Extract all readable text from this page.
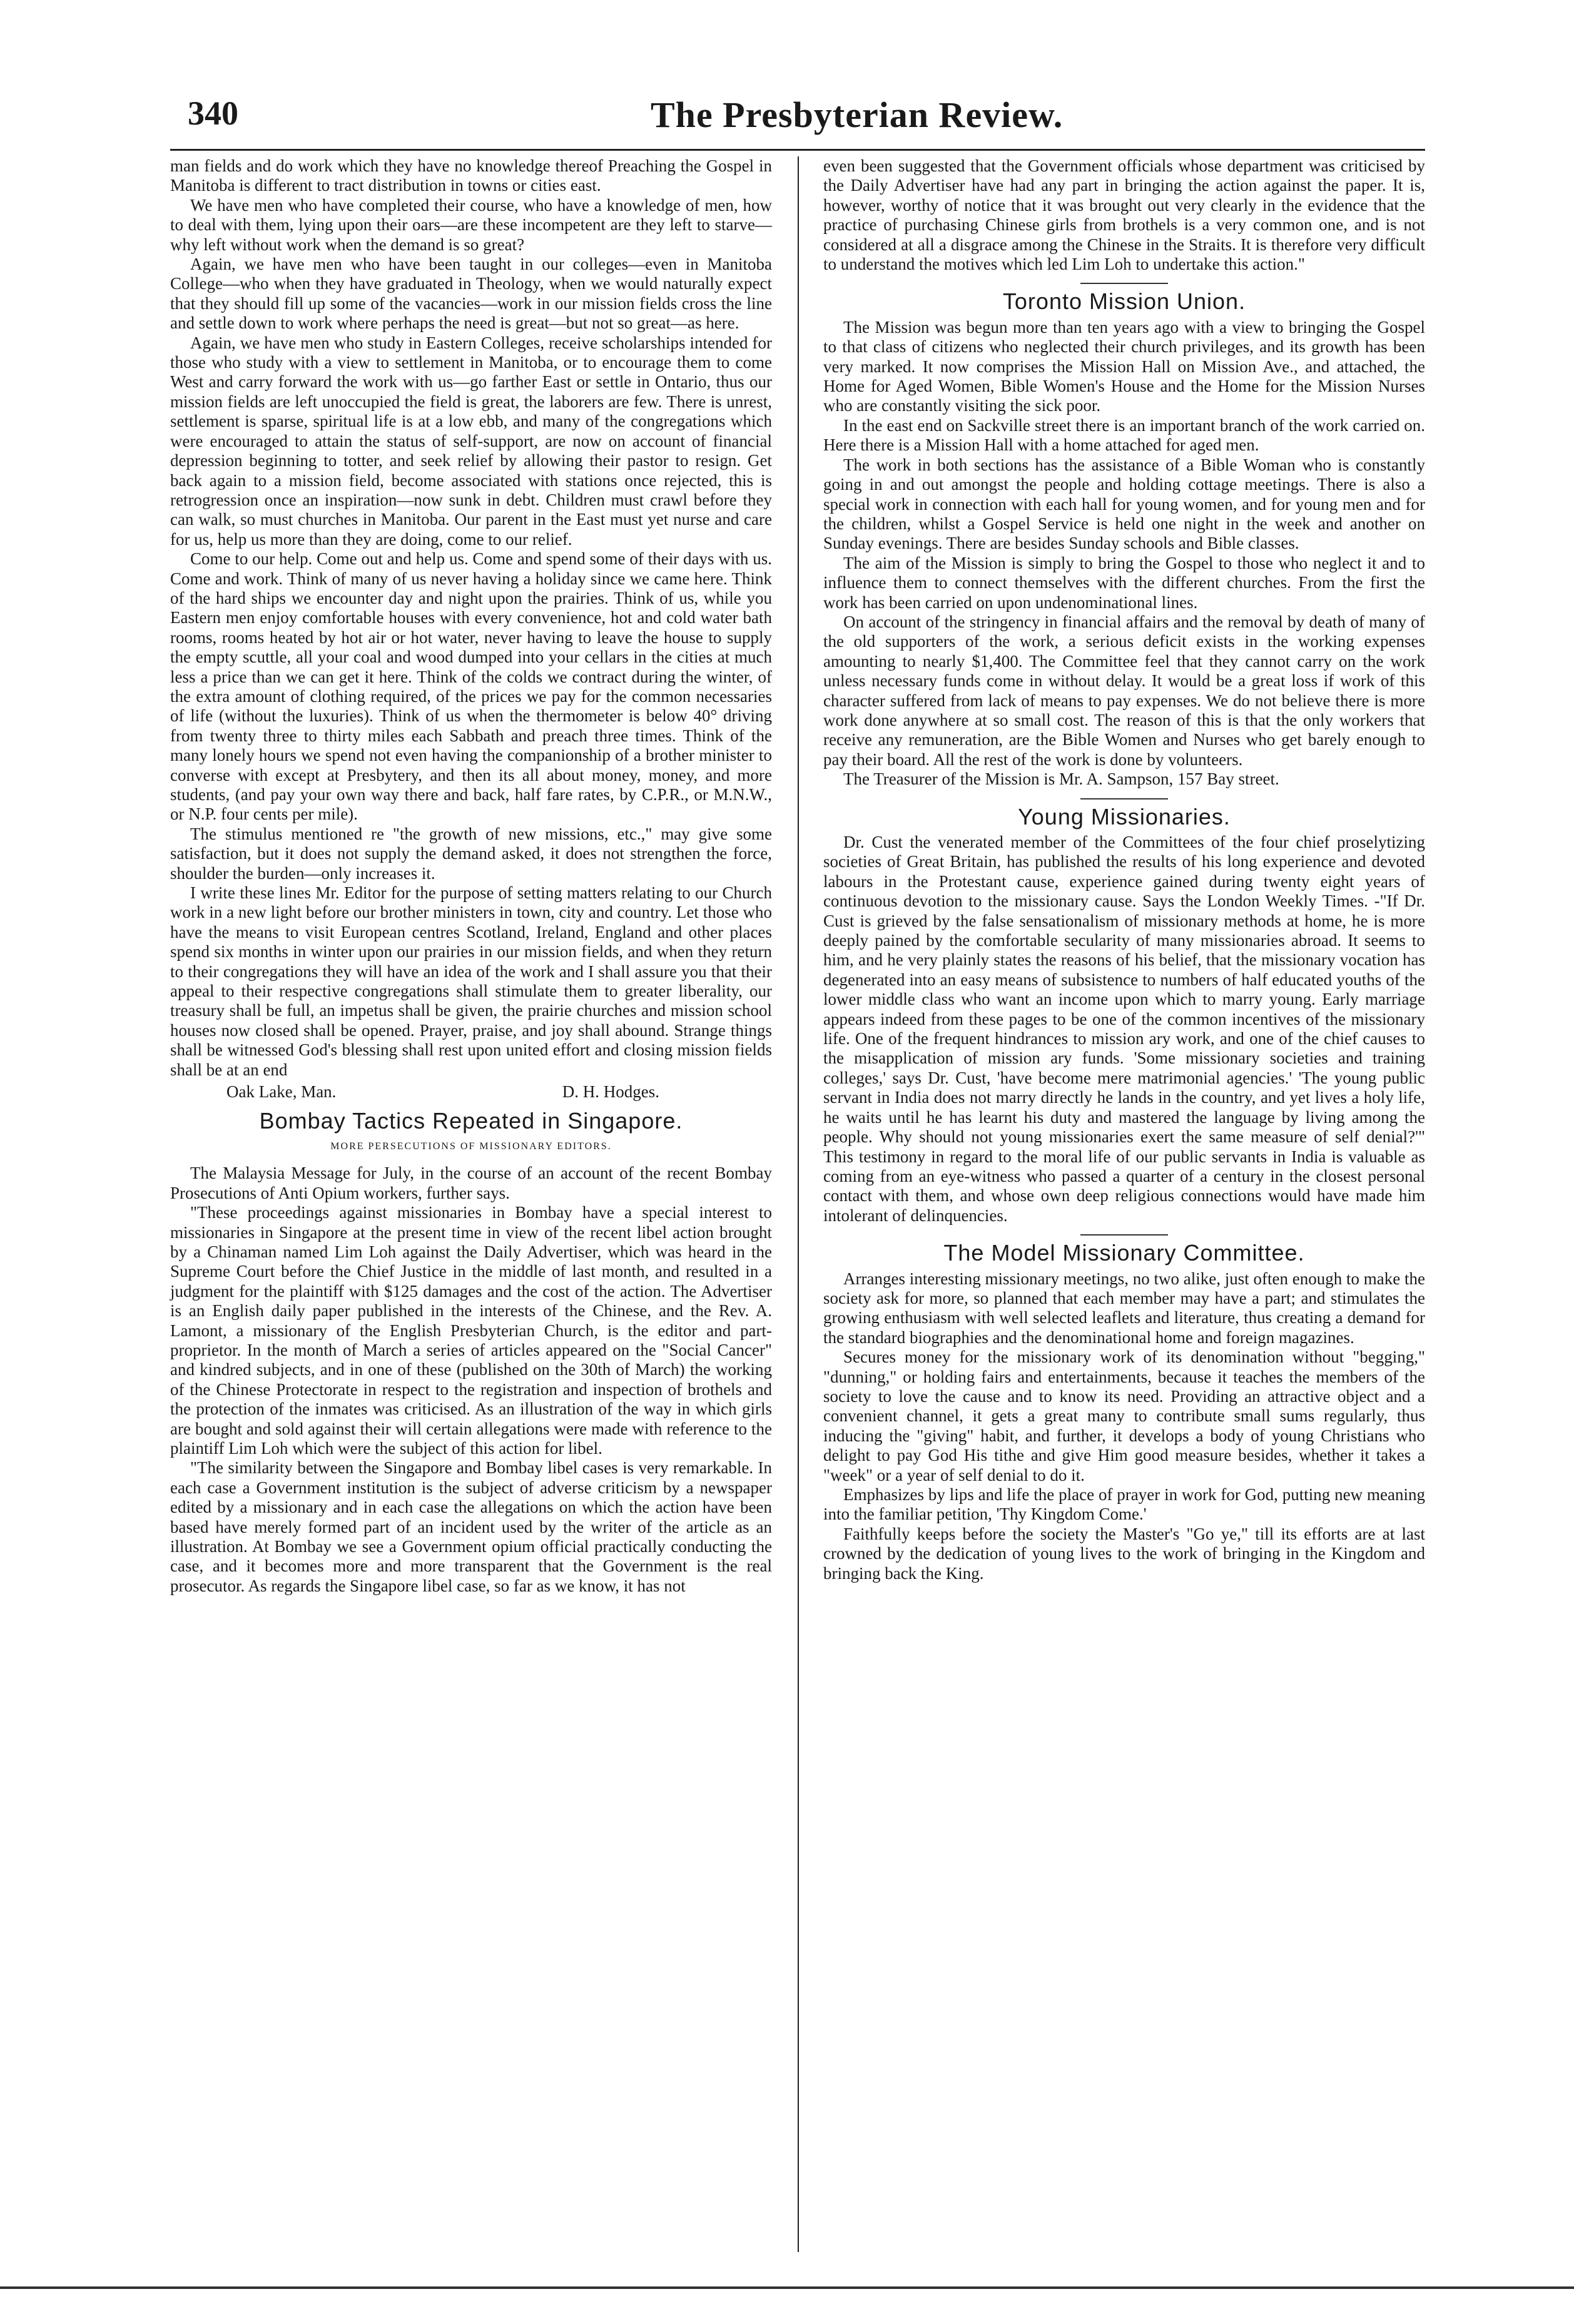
340	The Presbyterian Review.

man fields and do work which they have no knowledge thereof Preaching the Gospel in Manitoba is different to tract distribution in towns or cities east.

We have men who have completed their course, who have a knowledge of men, how to deal with them, lying upon their oars—are these incompetent are they left to starve—why left without work when the demand is so great?

Again, we have men who have been taught in our colleges—even in Manitoba College—who when they have graduated in Theology, when we would naturally expect that they should fill up some of the vacancies—work in our mission fields cross the line and settle down to work where perhaps the need is great—but not so great—as here.

Again, we have men who study in Eastern Colleges, receive scholarships intended for those who study with a view to settlement in Manitoba, or to encourage them to come West and carry forward the work with us—go farther East or settle in Ontario, thus our mission fields are left unoccupied the field is great, the laborers are few. There is unrest, settlement is sparse, spiritual life is at a low ebb, and many of the congregations which were encouraged to attain the status of self-support, are now on account of financial depression beginning to totter, and seek relief by allowing their pastor to resign. Get back again to a mission field, become associated with stations once rejected, this is retrogression once an inspiration—now sunk in debt. Children must crawl before they can walk, so must churches in Manitoba. Our parent in the East must yet nurse and care for us, help us more than they are doing, come to our relief.

Come to our help. Come out and help us. Come and spend some of their days with us. Come and work. Think of many of us never having a holiday since we came here. Think of the hard ships we encounter day and night upon the prairies. Think of us, while you Eastern men enjoy comfortable houses with every convenience, hot and cold water bath rooms, rooms heated by hot air or hot water, never having to leave the house to supply the empty scuttle, all your coal and wood dumped into your cellars in the cities at much less a price than we can get it here. Think of the colds we contract during the winter, of the extra amount of clothing required, of the prices we pay for the common necessaries of life (without the luxuries). Think of us when the thermometer is below 40° driving from twenty three to thirty miles each Sabbath and preach three times. Think of the many lonely hours we spend not even having the companionship of a brother minister to converse with except at Presbytery, and then its all about money, money, and more students, (and pay your own way there and back, half fare rates, by C.P.R., or M.N.W., or N.P. four cents per mile).

The stimulus mentioned re "the growth of new missions, etc.," may give some satisfaction, but it does not supply the demand asked, it does not strengthen the force, shoulder the burden—only increases it.

I write these lines Mr. Editor for the purpose of setting matters relating to our Church work in a new light before our brother ministers in town, city and country. Let those who have the means to visit European centres Scotland, Ireland, England and other places spend six months in winter upon our prairies in our mission fields, and when they return to their congregations they will have an idea of the work and I shall assure you that their appeal to their respective congregations shall stimulate them to greater liberality, our treasury shall be full, an impetus shall be given, the prairie churches and mission school houses now closed shall be opened. Prayer, praise, and joy shall abound. Strange things shall be witnessed God's blessing shall rest upon united effort and closing mission fields shall be at an end

Oak Lake, Man.	D. H. Hodges.
Bombay Tactics Repeated in Singapore.
MORE PERSECUTIONS OF MISSIONARY EDITORS.

The Malaysia Message for July, in the course of an account of the recent Bombay Prosecutions of Anti Opium workers, further says.

"These proceedings against missionaries in Bombay have a special interest to missionaries in Singapore at the present time in view of the recent libel action brought by a Chinaman named Lim Loh against the Daily Advertiser, which was heard in the Supreme Court before the Chief Justice in the middle of last month, and resulted in a judgment for the plaintiff with $125 damages and the cost of the action. The Advertiser is an English daily paper published in the interests of the Chinese, and the Rev. A. Lamont, a missionary of the English Presbyterian Church, is the editor and part-proprietor. In the month of March a series of articles appeared on the "Social Cancer" and kindred subjects, and in one of these (published on the 30th of March) the working of the Chinese Protectorate in respect to the registration and inspection of brothels and the protection of the inmates was criticised. As an illustration of the way in which girls are bought and sold against their will certain allegations were made with reference to the plaintiff Lim Loh which were the subject of this action for libel.

"The similarity between the Singapore and Bombay libel cases is very remarkable. In each case a Government institution is the subject of adverse criticism by a newspaper edited by a missionary and in each case the allegations on which the action have been based have merely formed part of an incident used by the writer of the article as an illustration. At Bombay we see a Government opium official practically conducting the case, and it becomes more and more transparent that the Government is the real prosecutor. As regards the Singapore libel case, so far as we know, it has not

even been suggested that the Government officials whose department was criticised by the Daily Advertiser have had any part in bringing the action against the paper. It is, however, worthy of notice that it was brought out very clearly in the evidence that the practice of purchasing Chinese girls from brothels is a very common one, and is not considered at all a disgrace among the Chinese in the Straits. It is therefore very difficult to understand the motives which led Lim Loh to undertake this action."

Toronto Mission Union.

The Mission was begun more than ten years ago with a view to bringing the Gospel to that class of citizens who neglected their church privileges, and its growth has been very marked. It now comprises the Mission Hall on Mission Ave., and attached, the Home for Aged Women, Bible Women's House and the Home for the Mission Nurses who are constantly visiting the sick poor.

In the east end on Sackville street there is an important branch of the work carried on. Here there is a Mission Hall with a home attached for aged men.

The work in both sections has the assistance of a Bible Woman who is constantly going in and out amongst the people and holding cottage meetings. There is also a special work in connection with each hall for young women, and for young men and for the children, whilst a Gospel Service is held one night in the week and another on Sunday evenings. There are besides Sunday schools and Bible classes.

The aim of the Mission is simply to bring the Gospel to those who neglect it and to influence them to connect themselves with the different churches. From the first the work has been carried on upon undenominational lines.

On account of the stringency in financial affairs and the removal by death of many of the old supporters of the work, a serious deficit exists in the working expenses amounting to nearly $1,400. The Committee feel that they cannot carry on the work unless necessary funds come in without delay. It would be a great loss if work of this character suffered from lack of means to pay expenses. We do not believe there is more work done anywhere at so small cost. The reason of this is that the only workers that receive any remuneration, are the Bible Women and Nurses who get barely enough to pay their board. All the rest of the work is done by volunteers.

The Treasurer of the Mission is Mr. A. Sampson, 157 Bay street.

Young Missionaries.

Dr. Cust the venerated member of the Committees of the four chief proselytizing societies of Great Britain, has published the results of his long experience and devoted labours in the Protestant cause, experience gained during twenty eight years of continuous devotion to the missionary cause. Says the London Weekly Times. -"If Dr. Cust is grieved by the false sensationalism of missionary methods at home, he is more deeply pained by the comfortable secularity of many missionaries abroad. It seems to him, and he very plainly states the reasons of his belief, that the missionary vocation has degenerated into an easy means of subsistence to numbers of half educated youths of the lower middle class who want an income upon which to marry young. Early marriage appears indeed from these pages to be one of the common incentives of the missionary life. One of the frequent hindrances to mission ary work, and one of the chief causes to the misapplication of mission ary funds. 'Some missionary societies and training colleges,' says Dr. Cust, 'have become mere matrimonial agencies.' 'The young public servant in India does not marry directly he lands in the country, and yet lives a holy life, he waits until he has learnt his duty and mastered the language by living among the people. Why should not young missionaries exert the same measure of self denial?'" This testimony in regard to the moral life of our public servants in India is valuable as coming from an eye-witness who passed a quarter of a century in the closest personal contact with them, and whose own deep religious connections would have made him intolerant of delinquencies.

The Model Missionary Committee.

Arranges interesting missionary meetings, no two alike, just often enough to make the society ask for more, so planned that each member may have a part; and stimulates the growing enthusiasm with well selected leaflets and literature, thus creating a demand for the standard biographies and the denominational home and foreign magazines.

Secures money for the missionary work of its denomination without "begging," "dunning," or holding fairs and entertainments, because it teaches the members of the society to love the cause and to know its need. Providing an attractive object and a convenient channel, it gets a great many to contribute small sums regularly, thus inducing the "giving" habit, and further, it develops a body of young Christians who delight to pay God His tithe and give Him good measure besides, whether it takes a "week" or a year of self denial to do it.

Emphasizes by lips and life the place of prayer in work for God, putting new meaning into the familiar petition, 'Thy Kingdom Come.'

Faithfully keeps before the society the Master's "Go ye," till its efforts are at last crowned by the dedication of young lives to the work of bringing in the Kingdom and bringing back the King.
